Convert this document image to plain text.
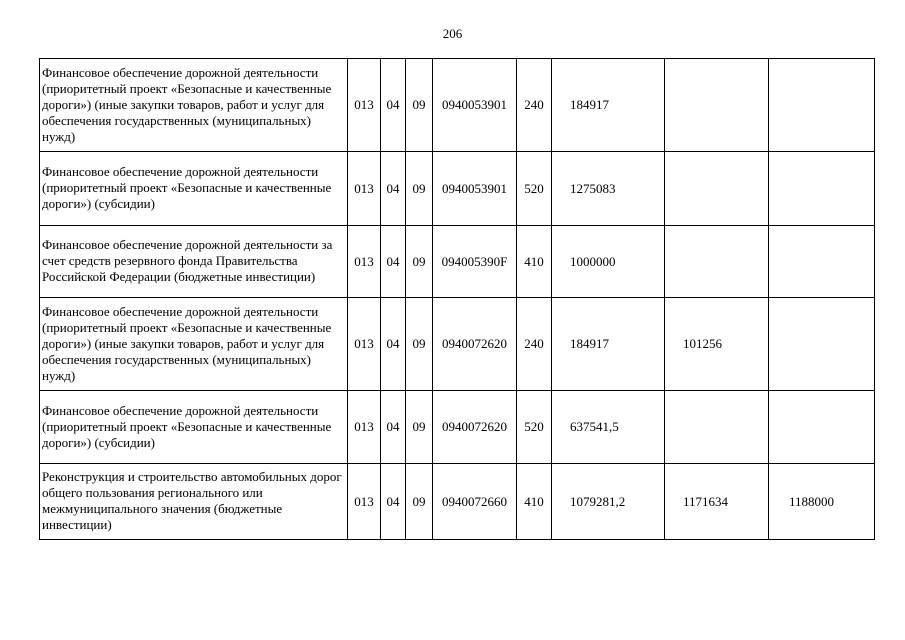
206
Финансовое обеспечение дорожной деятельности (приоритетный проект «Безопасные и качественные дороги») (иные закупки товаров, работ и услуг для обеспечения государственных (муниципальных) нужд)	013	04	09	0940053901	240	184917		
Финансовое обеспечение дорожной деятельности (приоритетный проект «Безопасные и качественные дороги») (субсидии)	013	04	09	0940053901	520	1275083		
Финансовое обеспечение дорожной деятельности за счет средств резервного фонда Правительства Российской Федерации (бюджетные инвестиции)	013	04	09	094005390F	410	1000000		
Финансовое обеспечение дорожной деятельности (приоритетный проект «Безопасные и качественные дороги») (иные закупки товаров, работ и услуг для обеспечения государственных (муниципальных) нужд)	013	04	09	0940072620	240	184917	101256	
Финансовое обеспечение дорожной деятельности (приоритетный проект «Безопасные и качественные дороги») (субсидии)	013	04	09	0940072620	520	637541,5		
Реконструкция и строительство автомобильных дорог общего пользования регионального или межмуниципального значения (бюджетные инвестиции)	013	04	09	0940072660	410	1079281,2	1171634	1188000
